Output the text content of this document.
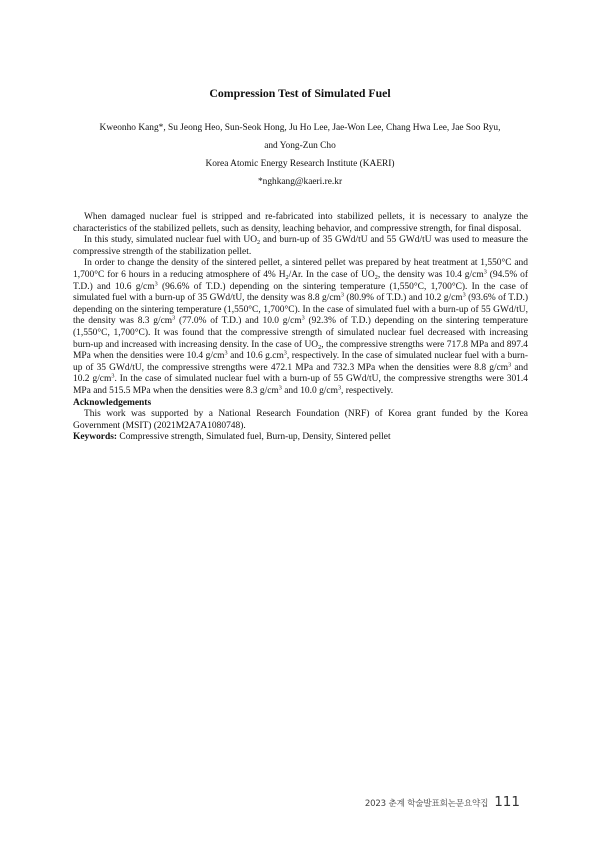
Compression Test of Simulated Fuel
Kweonho Kang*, Su Jeong Heo, Sun-Seok Hong, Ju Ho Lee, Jae-Won Lee, Chang Hwa Lee, Jae Soo Ryu,
and Yong-Zun Cho
Korea Atomic Energy Research Institute (KAERI)
*nghkang@kaeri.re.kr

When damaged nuclear fuel is stripped and re-fabricated into stabilized pellets, it is necessary to analyze the characteristics of the stabilized pellets, such as density, leaching behavior, and compressive strength, for final disposal.

In this study, simulated nuclear fuel with $UO_2$ and burn-up of 35 GWd/tU and 55 GWd/tU was used to measure the compressive strength of the stabilization pellet.

In order to change the density of the sintered pellet, a sintered pellet was prepared by heat treatment at 1,550°C and 1,700°C for 6 hours in a reducing atmosphere of 4% $H_2/Ar$. In the case of $UO_2$, the density was 10.4 $g/cm^3$ (94.5% of T.D.) and 10.6 $g/cm^3$ (96.6% of T.D.) depending on the sintering temperature (1,550°C, 1,700°C). In the case of simulated fuel with a burn-up of 35 GWd/tU, the density was 8.8 $g/cm^3$ (80.9% of T.D.) and 10.2 $g/cm^3$ (93.6% of T.D.) depending on the sintering temperature (1,550°C, 1,700°C). In the case of simulated fuel with a burn-up of 55 GWd/tU, the density was 8.3 $g/cm^3$ (77.0% of T.D.) and 10.0 $g/cm^3$ (92.3% of T.D.) depending on the sintering temperature (1,550°C, 1,700°C). It was found that the compressive strength of simulated nuclear fuel decreased with increasing burn-up and increased with increasing density. In the case of $UO_2$, the compressive strengths were 717.8 MPa and 897.4 MPa when the densities were 10.4 $g/cm^3$ and 10.6 $g.cm^3$, respectively. In the case of simulated nuclear fuel with a burn-up of 35 GWd/tU, the compressive strengths were 472.1 MPa and 732.3 MPa when the densities were 8.8 $g/cm^3$ and 10.2 $g/cm^3$. In the case of simulated nuclear fuel with a burn-up of 55 GWd/tU, the compressive strengths were 301.4 MPa and 515.5 MPa when the densities were 8.3 $g/cm^3$ and 10.0 $g/cm^3$, respectively.

Acknowledgements

This work was supported by a National Research Foundation (NRF) of Korea grant funded by the Korea Government (MSIT) (2021M2A7A1080748).

Keywords: Compressive strength, Simulated fuel, Burn-up, Density, Sintered pellet

2023 춘계 학술발표회논문요약집 111
